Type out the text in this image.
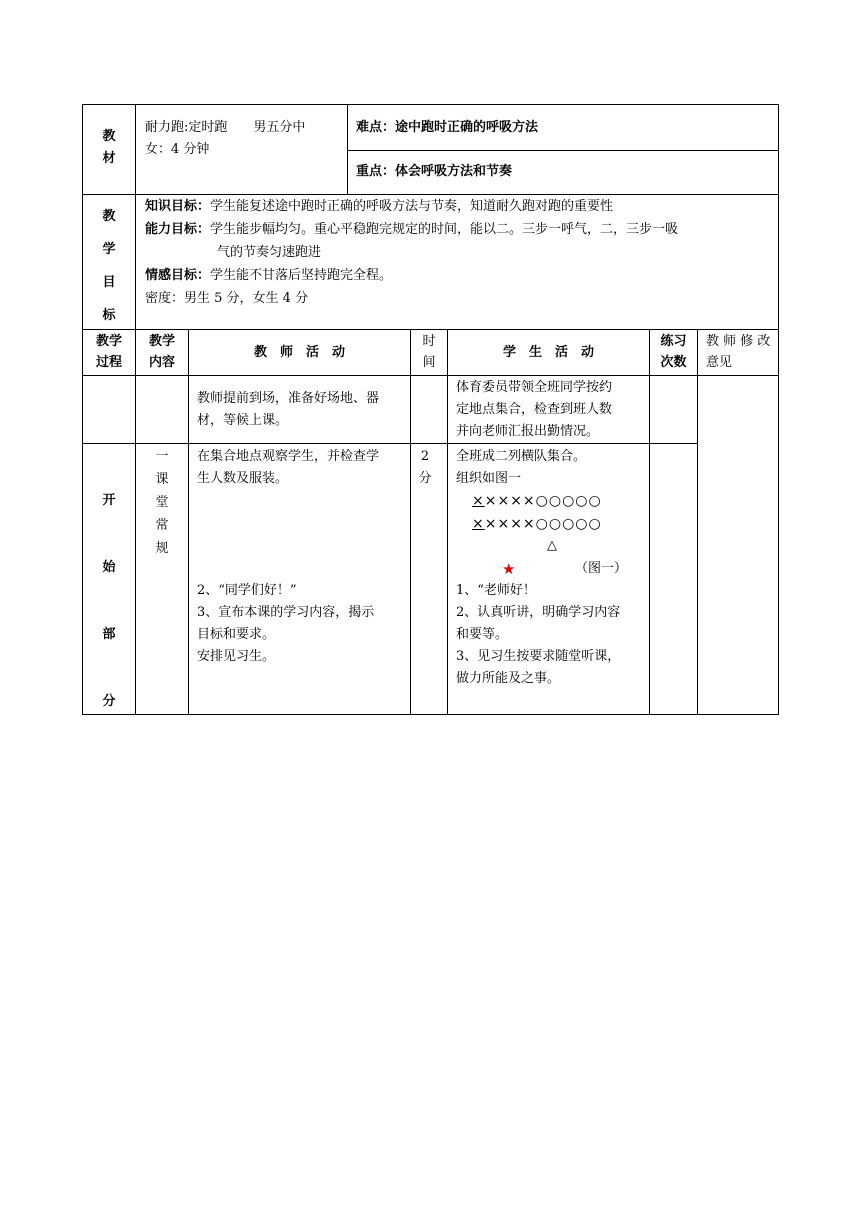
教
材
耐力跑:定时跑　　男五分中
女：4 分钟
难点：途中跑时正确的呼吸方法
重点：体会呼吸方法和节奏
教
学
目
标
知识目标：学生能复述途中跑时正确的呼吸方法与节奏，知道耐久跑对跑的重要性
能力目标：学生能步幅均匀。重心平稳跑完规定的时间，能以二。三步一呼气，二，三步一吸
气的节奏匀速跑进
情感目标：学生能不甘落后坚持跑完全程。
密度：男生 5 分，女生 4 分
教学
过程
教学
内容
教　师　活　动
时
间
学　生　活　动
练习
次数
教 师 修 改
意见
教师提前到场，准备好场地、器
材，等候上课。
体育委员带领全班同学按约
定地点集合，检查到班人数
并向老师汇报出勤情况。
开
始
部
分
一
课
堂
常
规
在集合地点观察学生，并检查学
生人数及服装。
2、“同学们好！”
3、宣布本课的学习内容，揭示
目标和要求。
安排见习生。
2
分
全班成二列横队集合。
组织如图一
×××××○○○○○
×××××○○○○○
△
★	（图一）
1、“老师好！
2、认真听讲，明确学习内容
和要等。
3、见习生按要求随堂听课，
做力所能及之事。
